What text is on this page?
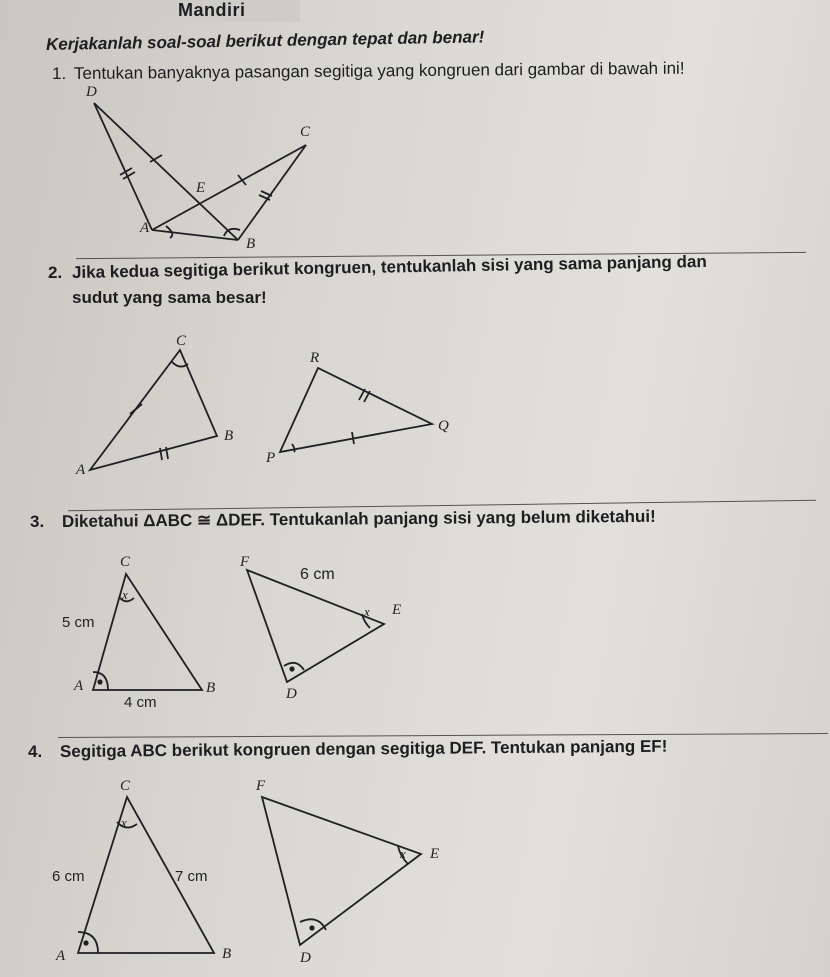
Mandiri
Kerjakanlah soal-soal berikut dengan tepat dan benar!
1. Tentukan banyaknya pasangan segitiga yang kongruen dari gambar di bawah ini!
D
C
E
A
B
2. Jika kedua segitiga berikut kongruen, tentukanlah sisi yang sama panjang dan
sudut yang sama besar!
C
B
A
R
Q
P
3. Diketahui ΔABC ≅ ΔDEF. Tentukanlah panjang sisi yang belum diketahui!
C
x
5 cm
A	B
4 cm
F
6 cm
x E
D
4. Segitiga ABC berikut kongruen dengan segitiga DEF. Tentukan panjang EF!
C
x
6 cm	7 cm
A	B
F
x E
D
